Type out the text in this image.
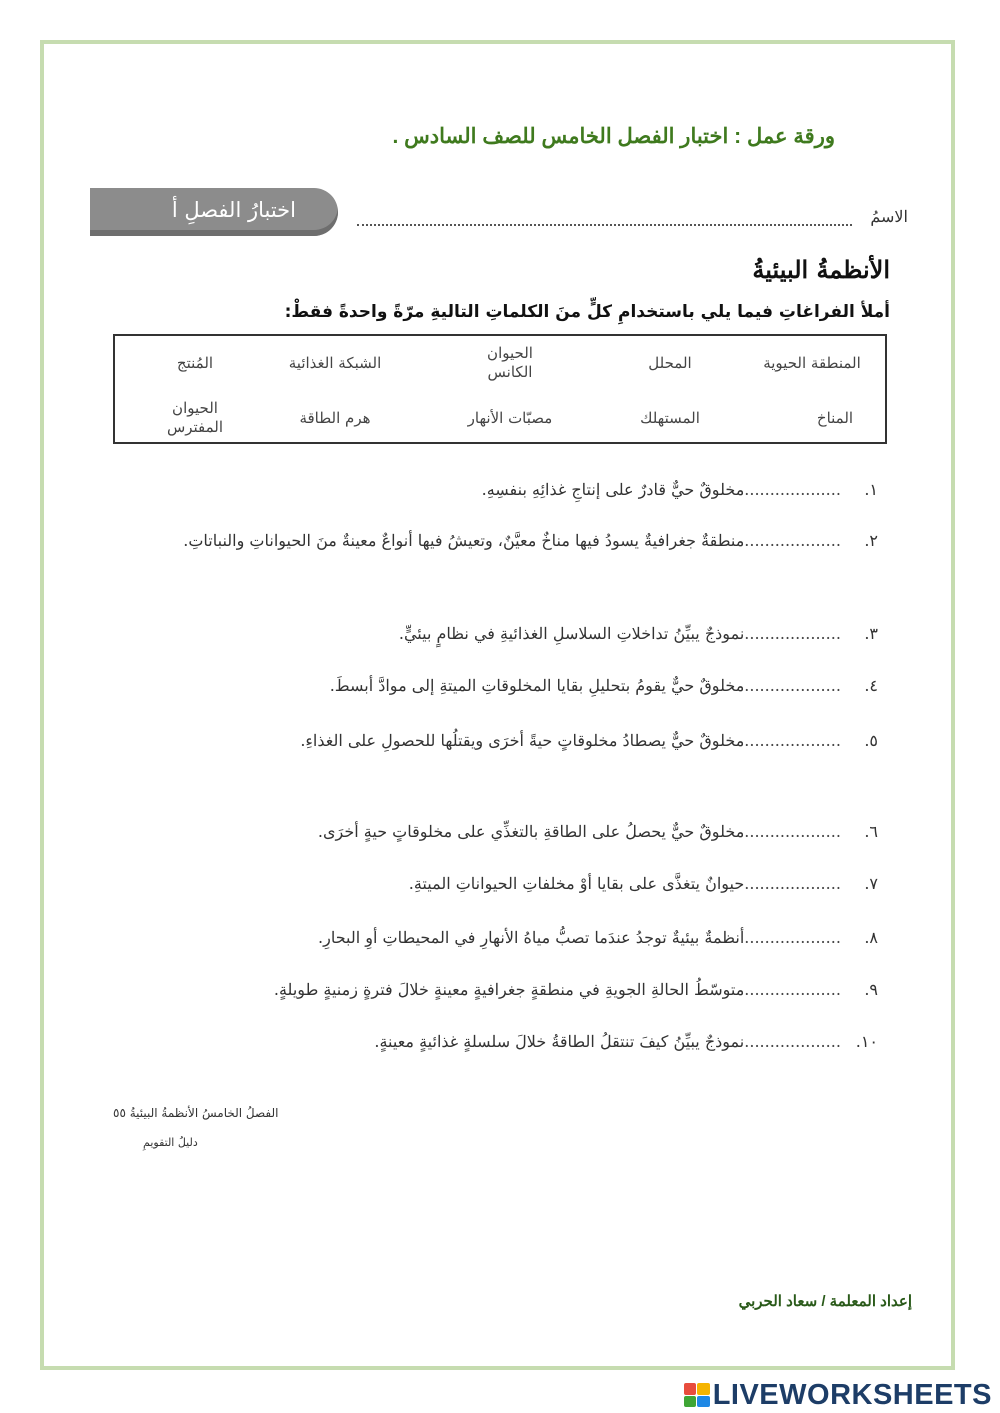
ورقة عمل : اختبار الفصل الخامس للصف السادس .
اختبارُ الفصلِ أ	الاسمُ
الأنظمةُ البيئيةُ
أملأ الفراغاتِ فيما يلي باستخدامِ كلٍّ منَ الكلماتِ التاليةِ مرّةً واحدةً فقطْ:
المنطقة الحيوية
المحلل
الحيوان
الكانس
الشبكة الغذائية
المُنتج
المناخ
المستهلك
مصبّات الأنهار
هرم الطاقة
الحيوان
المفترس
١. ...................مخلوقٌ حيٌّ قادرٌ على إنتاجِ غذائِهِ بنفسِهِ.
٢. ...................منطقةٌ جغرافيةٌ يسودُ فيها مناخٌ معيَّنٌ، وتعيشُ فيها أنواعٌ معينةٌ منَ الحيواناتِ والنباتاتِ.
٣. ...................نموذجٌ يبيِّنُ تداخلاتِ السلاسلِ الغذائيةِ في نظامٍ بيئيٍّ.
٤. ...................مخلوقٌ حيٌّ يقومُ بتحليلِ بقايا المخلوقاتِ الميتةِ إلى موادَّ أبسطَ.
٥. ...................مخلوقٌ حيٌّ يصطادُ مخلوقاتٍ حيةً أخرَى ويقتلُها للحصولِ على الغذاءِ.
٦. ...................مخلوقٌ حيٌّ يحصلُ على الطاقةِ بالتغذِّي على مخلوقاتٍ حيةٍ أخرَى.
٧. ...................حيوانٌ يتغذَّى على بقايا أوْ مخلفاتِ الحيواناتِ الميتةِ.
٨. ...................أنظمةٌ بيئيةٌ توجدُ عندَما تصبُّ مياهُ الأنهارِ في المحيطاتِ أوِ البحارِ.
٩. ...................متوسّطُ الحالةِ الجويةِ في منطقةٍ جغرافيةٍ معينةٍ خلالَ فترةٍ زمنيةٍ طويلةٍ.
١٠. ...................نموذجٌ يبيِّنُ كيفَ تنتقلُ الطاقةُ خلالَ سلسلةٍ غذائيةٍ معينةٍ.
الفصلُ الخامسُ الأنظمةُ البيئيةُ ٥٥
دليلُ التقويمِ
إعداد المعلمة / سعاد الحربي
LIVEWORKSHEETS
